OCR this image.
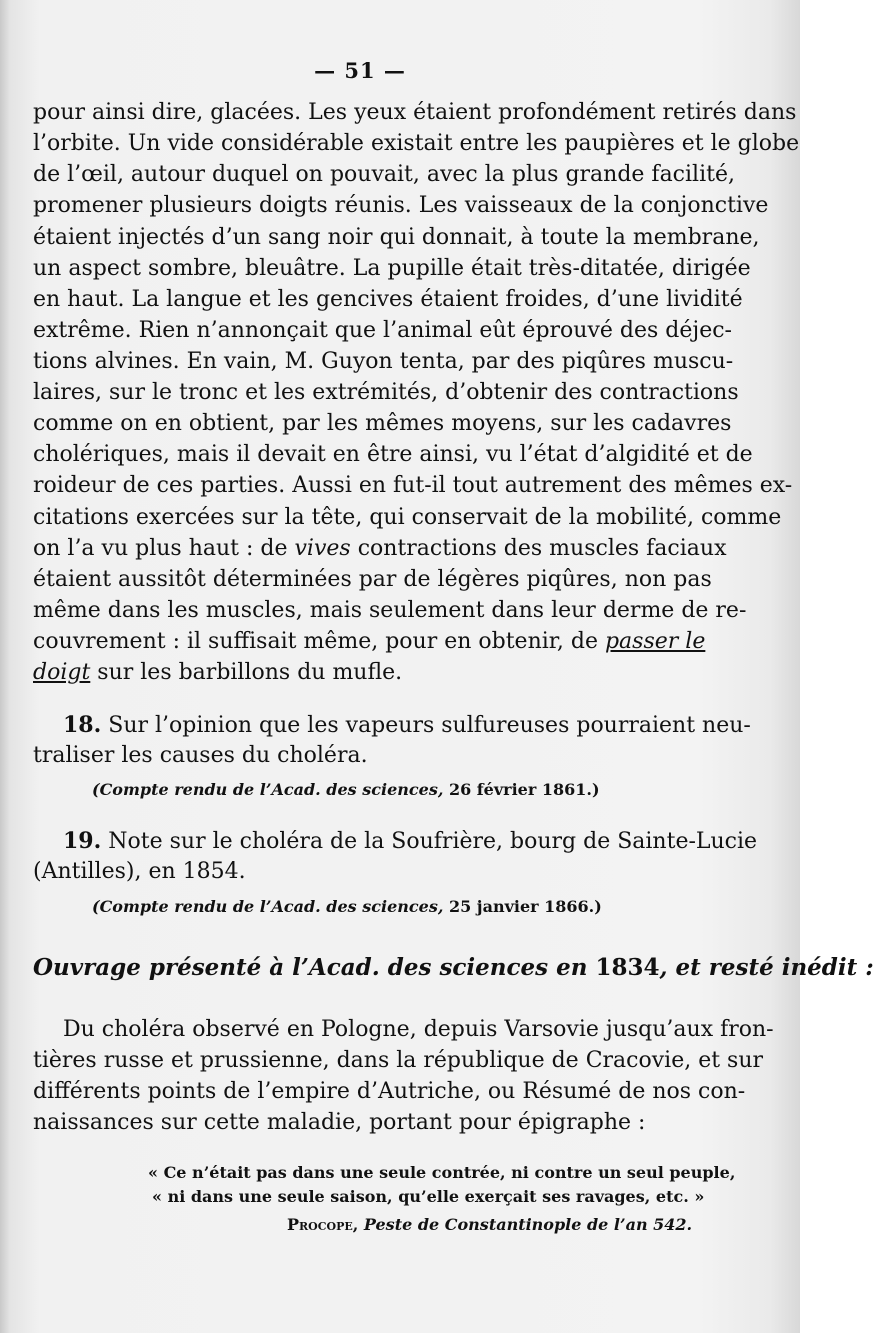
— 51 —
pour ainsi dire, glacées. Les yeux étaient profondément retirés dans
l’orbite. Un vide considérable existait entre les paupières et le globe
de l’œil, autour duquel on pouvait, avec la plus grande facilité,
promener plusieurs doigts réunis. Les vaisseaux de la conjonctive
étaient injectés d’un sang noir qui donnait, à toute la membrane,
un aspect sombre, bleuâtre. La pupille était très-ditatée, dirigée
en haut. La langue et les gencives étaient froides, d’une lividité
extrême. Rien n’annonçait que l’animal eût éprouvé des déjec-
tions alvines. En vain, M. Guyon tenta, par des piqûres muscu-
laires, sur le tronc et les extrémités, d’obtenir des contractions
comme on en obtient, par les mêmes moyens, sur les cadavres
cholériques, mais il devait en être ainsi, vu l’état d’algidité et de
roideur de ces parties. Aussi en fut-il tout autrement des mêmes ex-
citations exercées sur la tête, qui conservait de la mobilité, comme
on l’a vu plus haut : de vives contractions des muscles faciaux
étaient aussitôt déterminées par de légères piqûres, non pas
même dans les muscles, mais seulement dans leur derme de re-
couvrement : il suffisait même, pour en obtenir, de passer le
doigt sur les barbillons du mufle.
18. Sur l’opinion que les vapeurs sulfureuses pourraient neu-
traliser les causes du choléra.
(Compte rendu de l’Acad. des sciences, 26 février 1861.)
19. Note sur le choléra de la Soufrière, bourg de Sainte-Lucie
(Antilles), en 1854.
(Compte rendu de l’Acad. des sciences, 25 janvier 1866.)
Ouvrage présenté à l’Acad. des sciences en 1834, et resté inédit :
Du choléra observé en Pologne, depuis Varsovie jusqu’aux fron-
tières russe et prussienne, dans la république de Cracovie, et sur
différents points de l’empire d’Autriche, ou Résumé de nos con-
naissances sur cette maladie, portant pour épigraphe :
« Ce n’était pas dans une seule contrée, ni contre un seul peuple,
« ni dans une seule saison, qu’elle exerçait ses ravages, etc. »
Procope, Peste de Constantinople de l’an 542.
